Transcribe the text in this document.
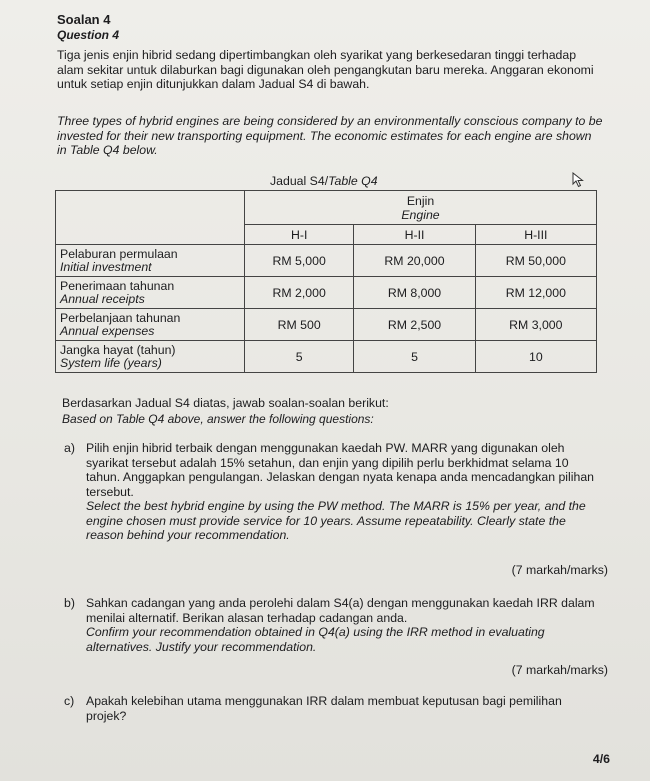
Soalan 4
Question 4
Tiga jenis enjin hibrid sedang dipertimbangkan oleh syarikat yang berkesedaran tinggi terhadap alam sekitar untuk dilaburkan bagi digunakan oleh pengangkutan baru mereka. Anggaran ekonomi untuk setiap enjin ditunjukkan dalam Jadual S4 di bawah.
Three types of hybrid engines are being considered by an environmentally conscious company to be invested for their new transporting equipment. The economic estimates for each engine are shown in Table Q4 below.
Jadual S4/Table Q4
	Enjin
Engine		

	H-I	H-II	H-III
Pelaburan permulaan
Initial investment	RM 5,000	RM 20,000	RM 50,000
Penerimaan tahunan
Annual receipts	RM 2,000	RM 8,000	RM 12,000
Perbelanjaan tahunan
Annual expenses	RM 500	RM 2,500	RM 3,000
Jangka hayat (tahun)
System life (years)	5	5	10
Berdasarkan Jadual S4 diatas, jawab soalan-soalan berikut:
Based on Table Q4 above, answer the following questions:
a) Pilih enjin hibrid terbaik dengan menggunakan kaedah PW. MARR yang digunakan oleh syarikat tersebut adalah 15% setahun, dan enjin yang dipilih perlu berkhidmat selama 10 tahun. Anggapkan pengulangan. Jelaskan dengan nyata kenapa anda mencadangkan pilihan tersebut.
Select the best hybrid engine by using the PW method. The MARR is 15% per year, and the engine chosen must provide service for 10 years. Assume repeatability. Clearly state the reason behind your recommendation.
(7 markah/marks)
b) Sahkan cadangan yang anda perolehi dalam S4(a) dengan menggunakan kaedah IRR dalam menilai alternatif. Berikan alasan terhadap cadangan anda.
Confirm your recommendation obtained in Q4(a) using the IRR method in evaluating alternatives. Justify your recommendation.
(7 markah/marks)
c) Apakah kelebihan utama menggunakan IRR dalam membuat keputusan bagi pemilihan projek?
4/6
